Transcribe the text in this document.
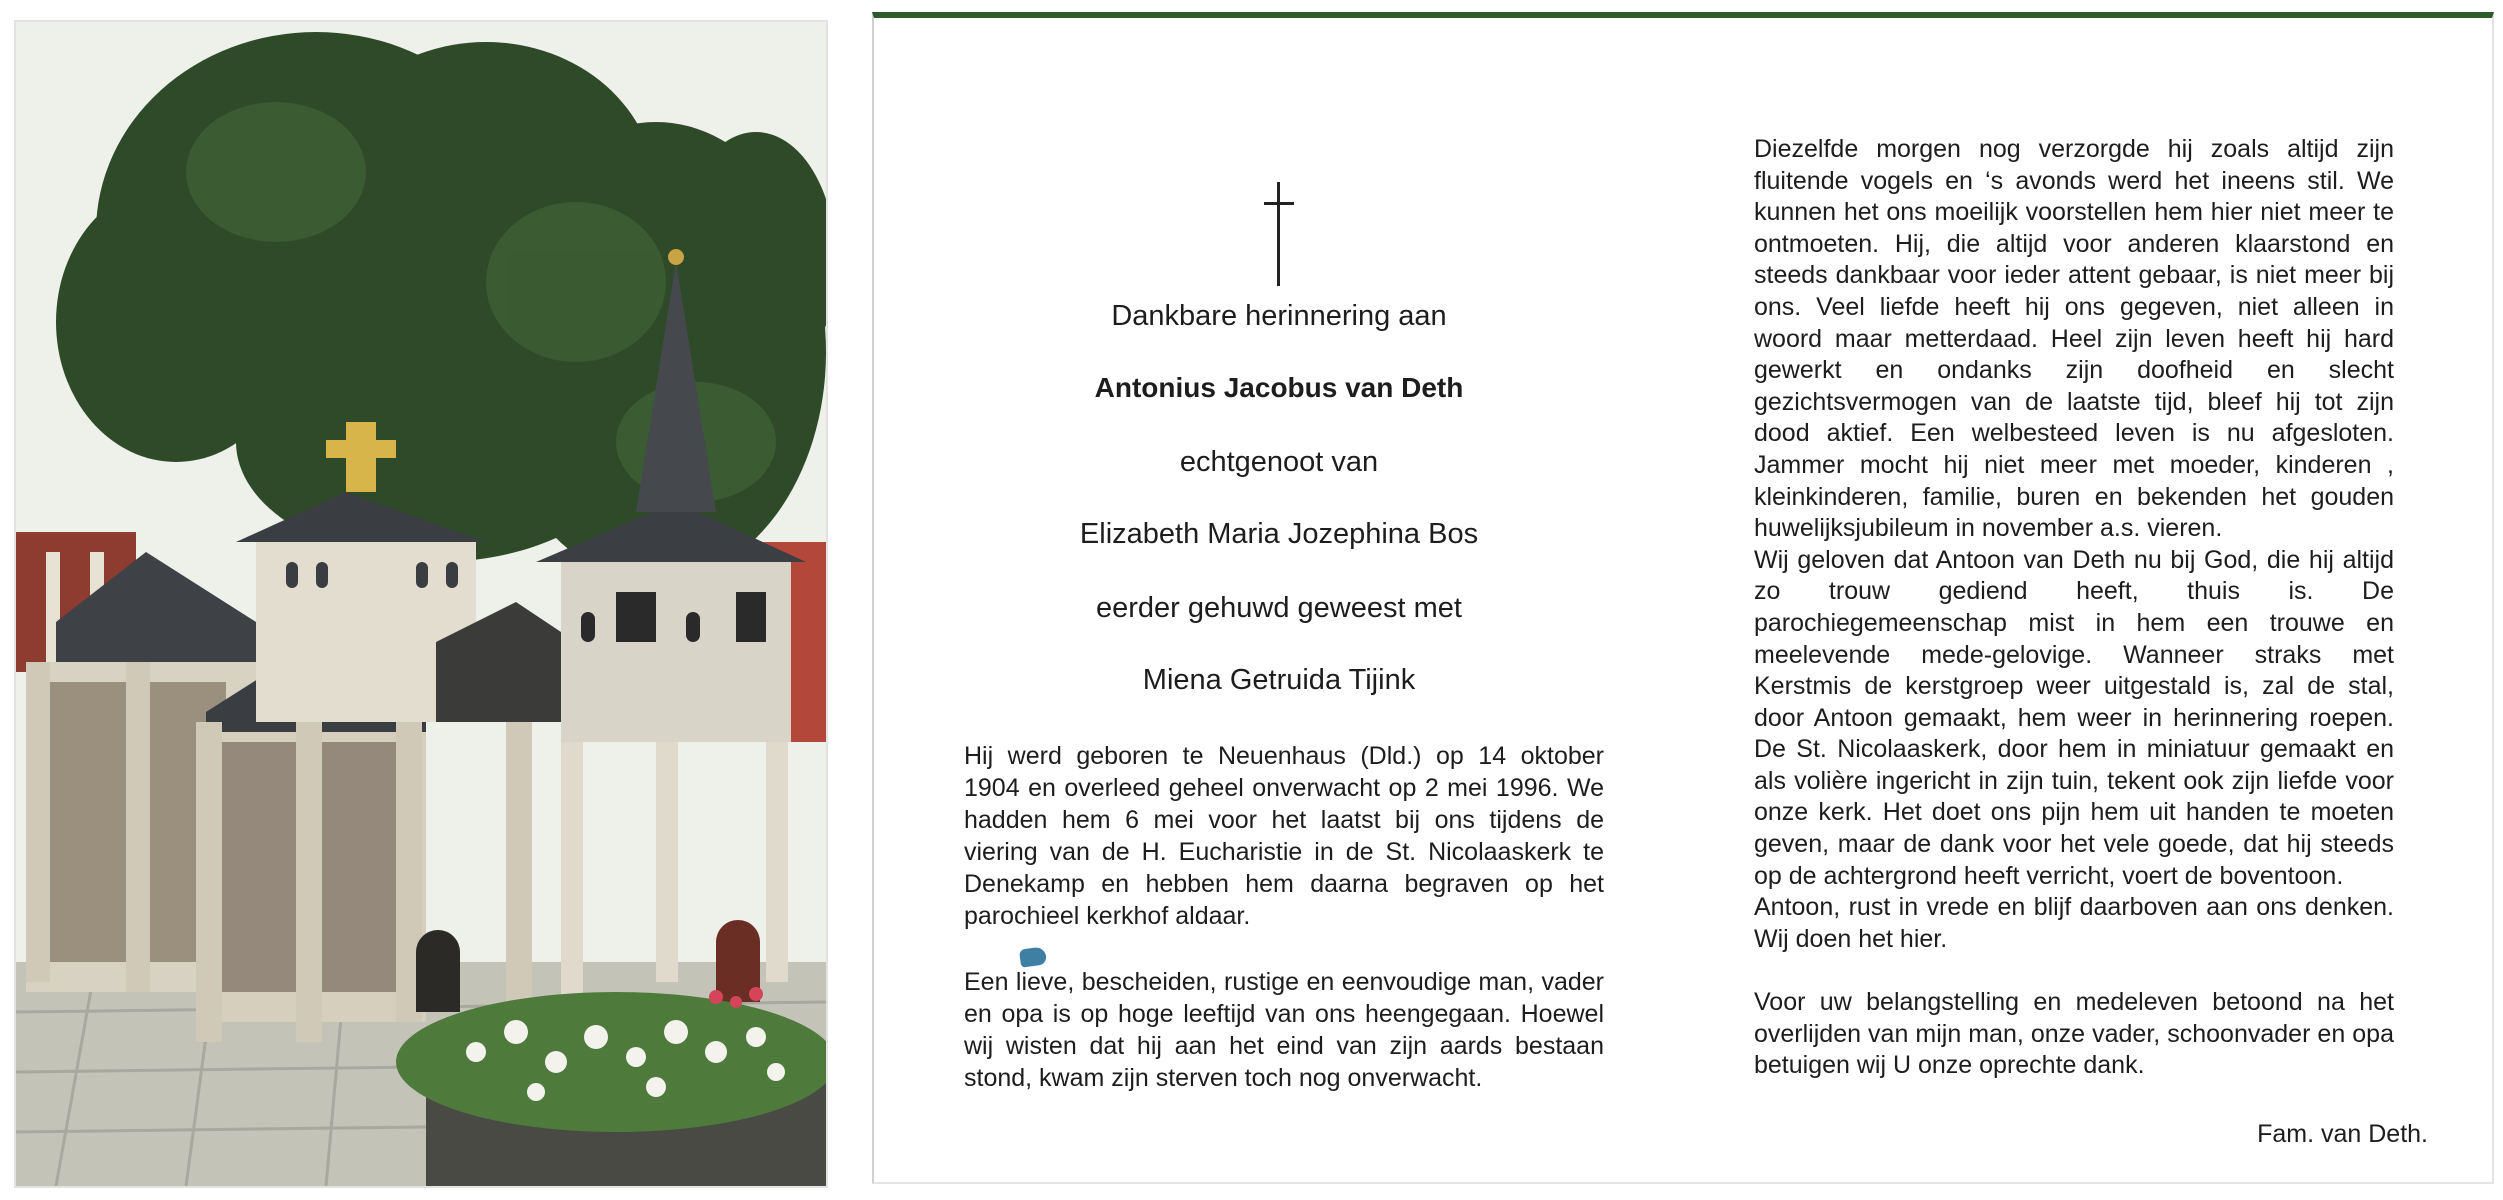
Dankbare herinnering aan
Antonius Jacobus van Deth
echtgenoot van
Elizabeth Maria Jozephina Bos
eerder gehuwd geweest met
Miena Getruida Tijink

Hij werd geboren te Neuenhaus (Dld.) op 14 oktober 1904 en overleed geheel onverwacht op 2 mei 1996. We hadden hem 6 mei voor het laatst bij ons tijdens de viering van de H. Eucharistie in de St. Nicolaaskerk te Denekamp en hebben hem daarna begraven op het parochieel kerkhof aldaar.

Een lieve, bescheiden, rustige en eenvoudige man, vader en opa is op hoge leeftijd van ons heengegaan. Hoewel wij wisten dat hij aan het eind van zijn aards bestaan stond, kwam zijn sterven toch nog onverwacht.

Diezelfde morgen nog verzorgde hij zoals altijd zijn fluitende vogels en ‘s avonds werd het ineens stil. We kunnen het ons moeilijk voorstellen hem hier niet meer te ontmoeten. Hij, die altijd voor anderen klaarstond en steeds dankbaar voor ieder attent gebaar, is niet meer bij ons. Veel liefde heeft hij ons gegeven, niet alleen in woord maar metterdaad. Heel zijn leven heeft hij hard gewerkt en ondanks zijn doofheid en slecht gezichtsvermogen van de laatste tijd, bleef hij tot zijn dood aktief. Een welbesteed leven is nu afgesloten. Jammer mocht hij niet meer met moeder, kinderen , kleinkinderen, familie, buren en bekenden het gouden huwelijksjubileum in november a.s. vieren.

Wij geloven dat Antoon van Deth nu bij God, die hij altijd zo trouw gediend heeft, thuis is. De parochiegemeenschap mist in hem een trouwe en meelevende mede-gelovige. Wanneer straks met Kerstmis de kerstgroep weer uitgestald is, zal de stal, door Antoon gemaakt, hem weer in herinnering roepen. De St. Nicolaaskerk, door hem in miniatuur gemaakt en als volière ingericht in zijn tuin, tekent ook zijn liefde voor onze kerk. Het doet ons pijn hem uit handen te moeten geven, maar de dank voor het vele goede, dat hij steeds op de achtergrond heeft verricht, voert de boventoon.

Antoon, rust in vrede en blijf daarboven aan ons denken. Wij doen het hier.

Voor uw belangstelling en medeleven betoond na het overlijden van mijn man, onze vader, schoonvader en opa betuigen wij U onze oprechte dank.

Fam. van Deth.
